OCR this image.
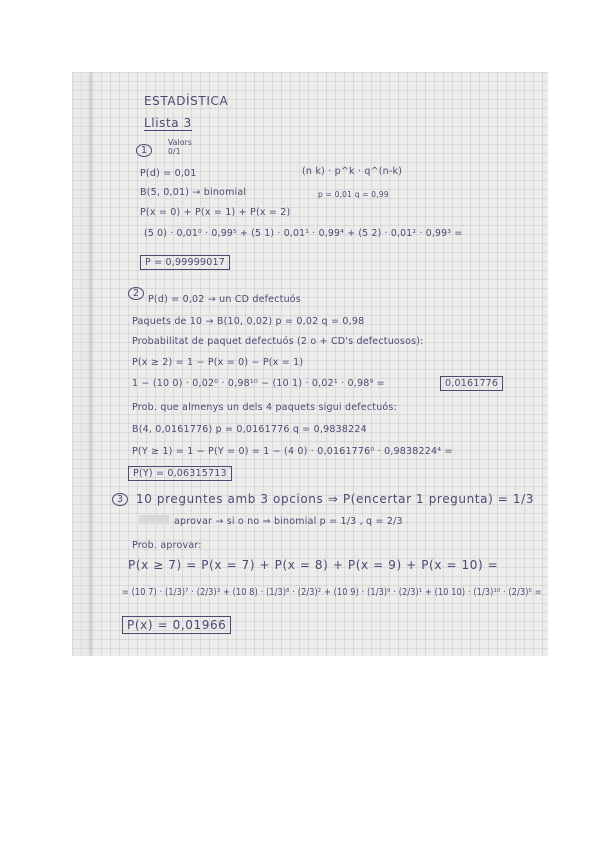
ESTADÍSTICA
Llista 3
1
Valors 0/1
P(d) = 0,01	(n k) · p^k · q^(n-k)
B(5, 0,01) → binomial	p = 0,01 q = 0,99
P(x = 0) + P(x = 1) + P(x = 2)
(5 0) · 0,01⁰ · 0,99⁵ + (5 1) · 0,01¹ · 0,99⁴ + (5 2) · 0,01² · 0,99³ =
P = 0,99999017
2
P(d) = 0,02 → un CD defectuós
Paquets de 10 → B(10, 0,02) p = 0,02 q = 0,98
Probabilitat de paquet defectuós (2 o + CD's defectuosos):
P(x ≥ 2) = 1 − P(x = 0) − P(x = 1)
1 − (10 0) · 0,02⁰ · 0,98¹⁰ − (10 1) · 0,02¹ · 0,98⁹ =	0,0161776
Prob. que almenys un dels 4 paquets sigui defectuós:
B(4, 0,0161776) p = 0,0161776 q = 0,9838224
P(Y ≥ 1) = 1 − P(Y = 0) = 1 − (4 0) · 0,0161776⁰ · 0,9838224⁴ =
P(Y) = 0,06315713
3	10 preguntes amb 3 opcions ⇒ P(encertar 1 pregunta) = 1/3
aprovar → si o no ⇒ binomial p = 1/3 , q = 2/3
Prob. aprovar:
P(x ≥ 7) = P(x = 7) + P(x = 8) + P(x = 9) + P(x = 10) =
= (10 7) · (1/3)⁷ · (2/3)³ + (10 8) · (1/3)⁸ · (2/3)² + (10 9) · (1/3)⁹ · (2/3)¹ + (10 10) · (1/3)¹⁰ · (2/3)⁰ =
P(x) = 0,01966
